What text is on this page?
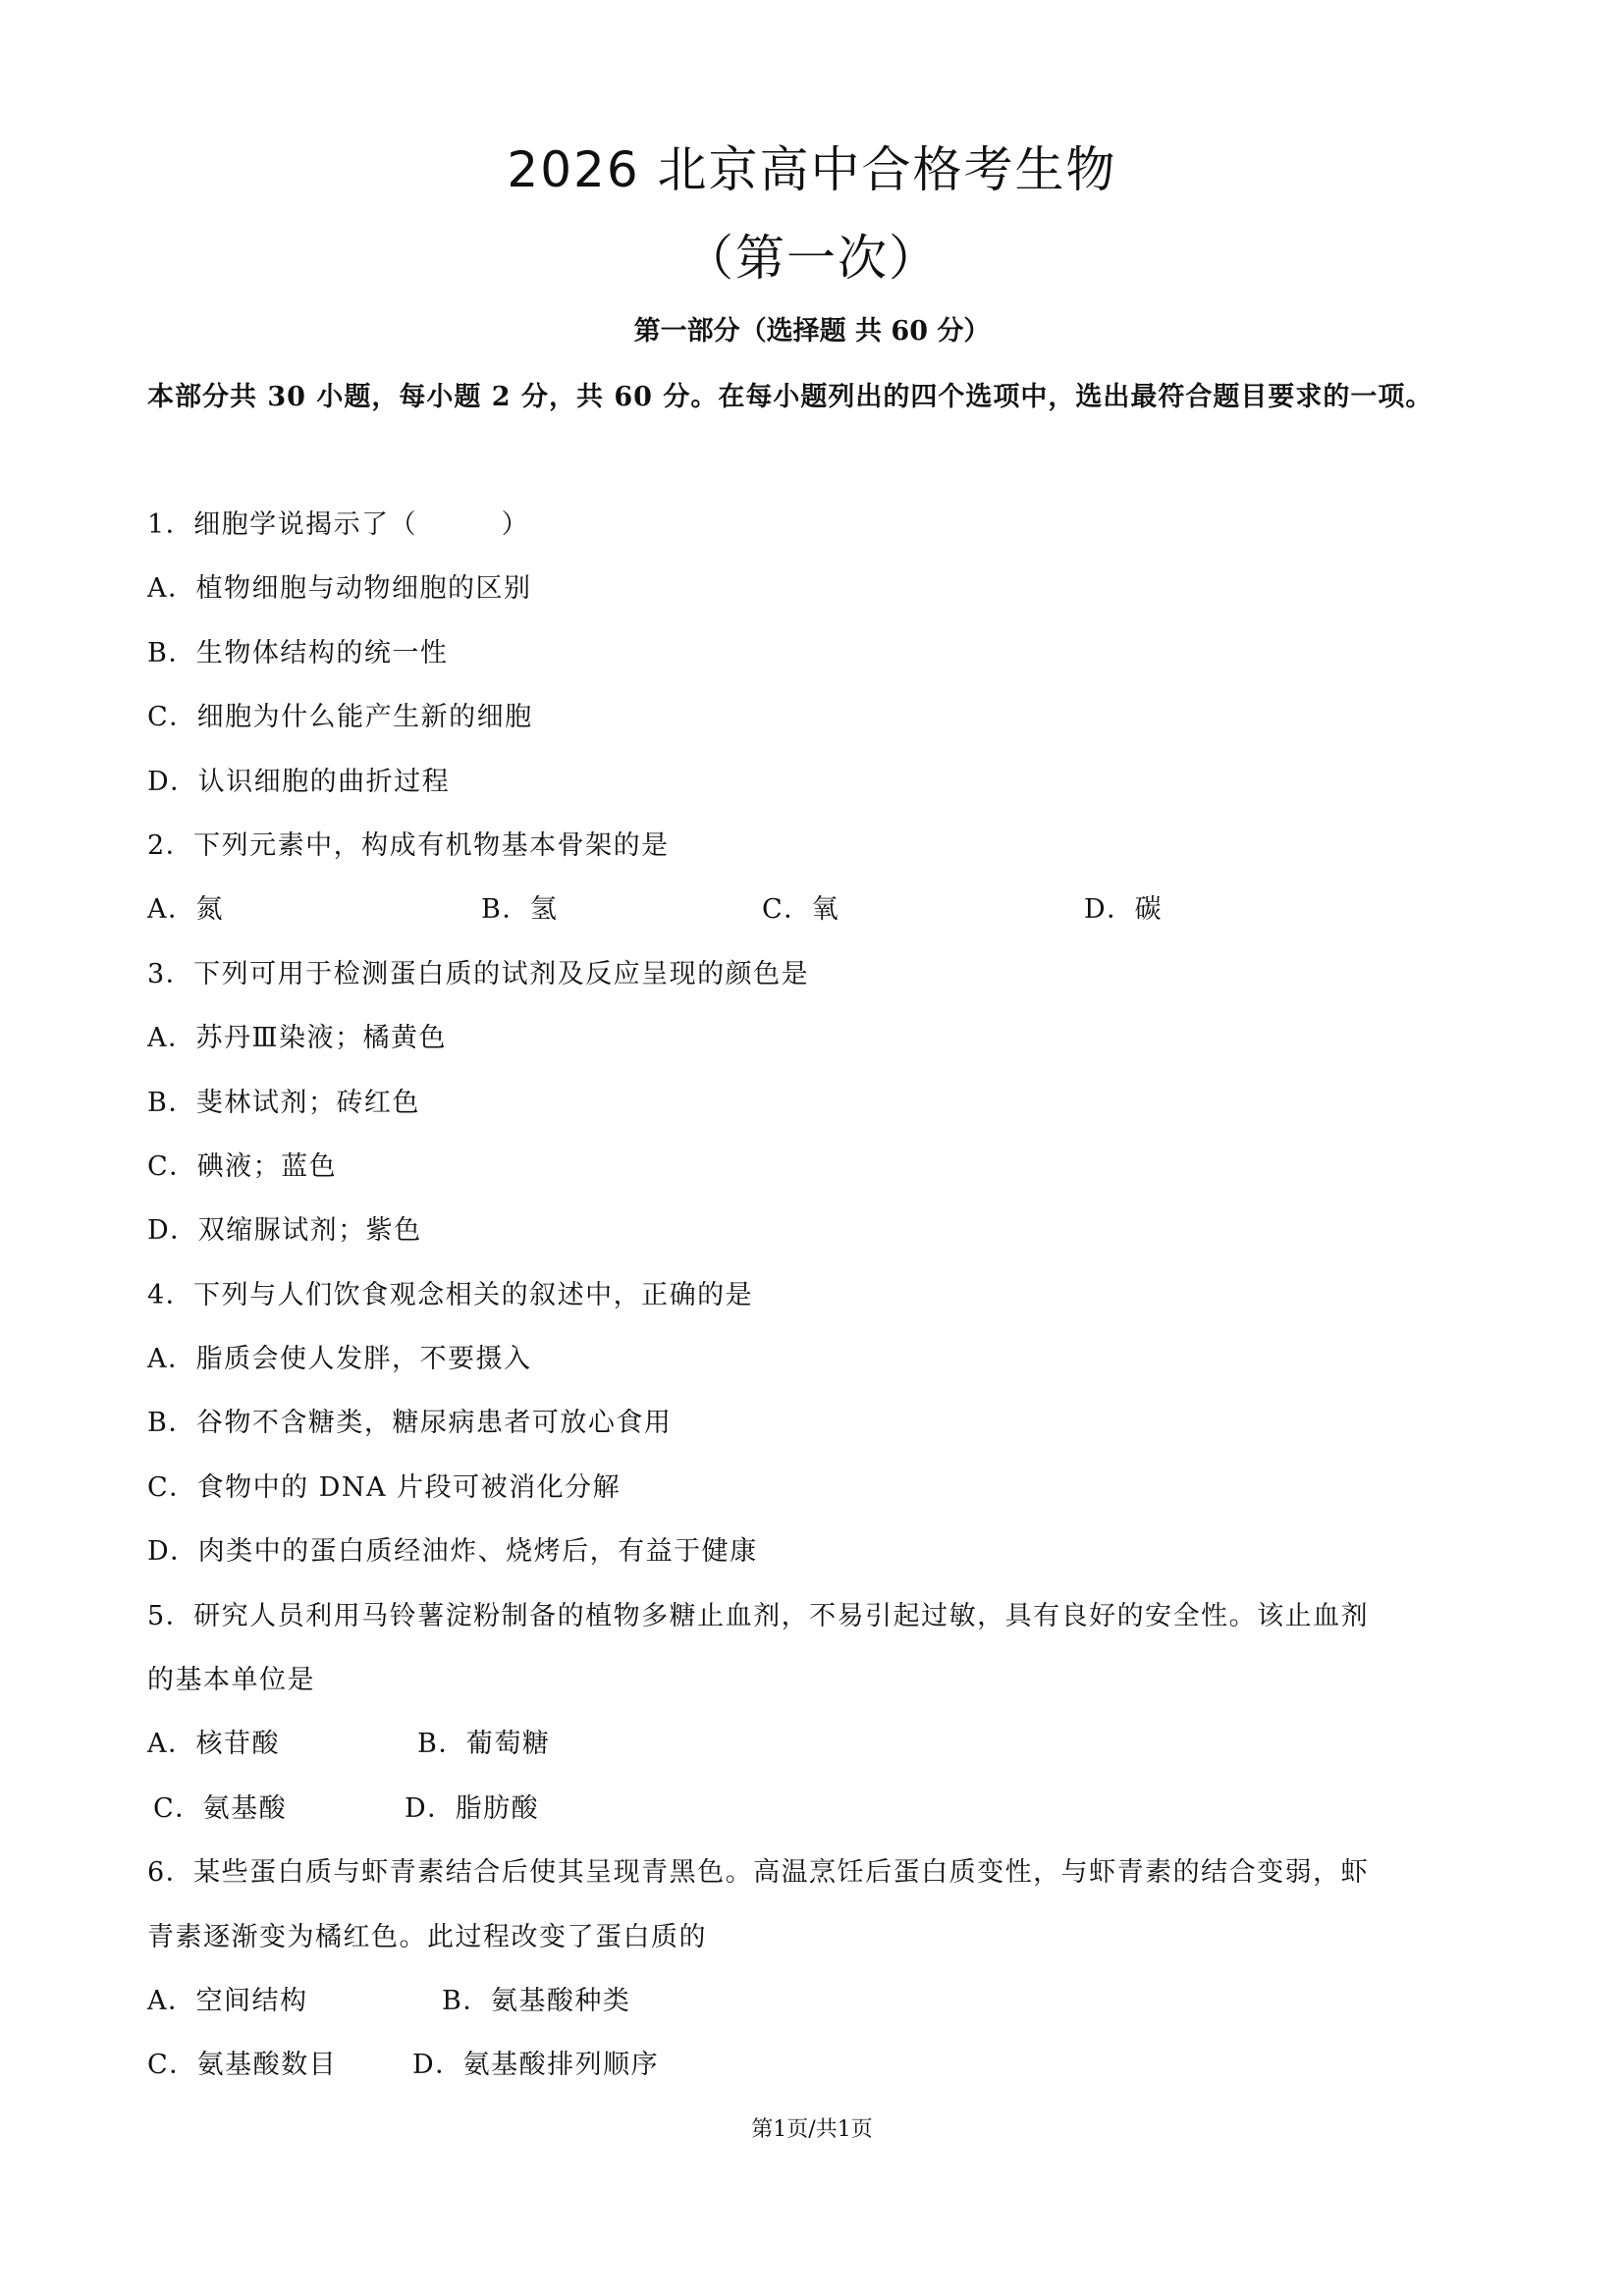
2026 北京高中合格考生物
（第一次）
第一部分（选择题 共 60 分）
本部分共 30 小题，每小题 2 分，共 60 分。在每小题列出的四个选项中，选出最符合题目要求的一项。
1．细胞学说揭示了（　　　）
A．植物细胞与动物细胞的区别
B．生物体结构的统一性
C．细胞为什么能产生新的细胞
D．认识细胞的曲折过程
2．下列元素中，构成有机物基本骨架的是
A．氮	B．氢	C．氧	D．碳
3．下列可用于检测蛋白质的试剂及反应呈现的颜色是
A．苏丹Ⅲ染液；橘黄色
B．斐林试剂；砖红色
C．碘液；蓝色
D．双缩脲试剂；紫色
4．下列与人们饮食观念相关的叙述中，正确的是
A．脂质会使人发胖，不要摄入
B．谷物不含糖类，糖尿病患者可放心食用
C．食物中的 DNA 片段可被消化分解
D．肉类中的蛋白质经油炸、烧烤后，有益于健康
5．研究人员利用马铃薯淀粉制备的植物多糖止血剂，不易引起过敏，具有良好的安全性。该止血剂
的基本单位是
A．核苷酸	B．葡萄糖
C．氨基酸	D．脂肪酸
6．某些蛋白质与虾青素结合后使其呈现青黑色。高温烹饪后蛋白质变性，与虾青素的结合变弱，虾
青素逐渐变为橘红色。此过程改变了蛋白质的
A．空间结构	B．氨基酸种类
C．氨基酸数目	D．氨基酸排列顺序
第1页/共1页
